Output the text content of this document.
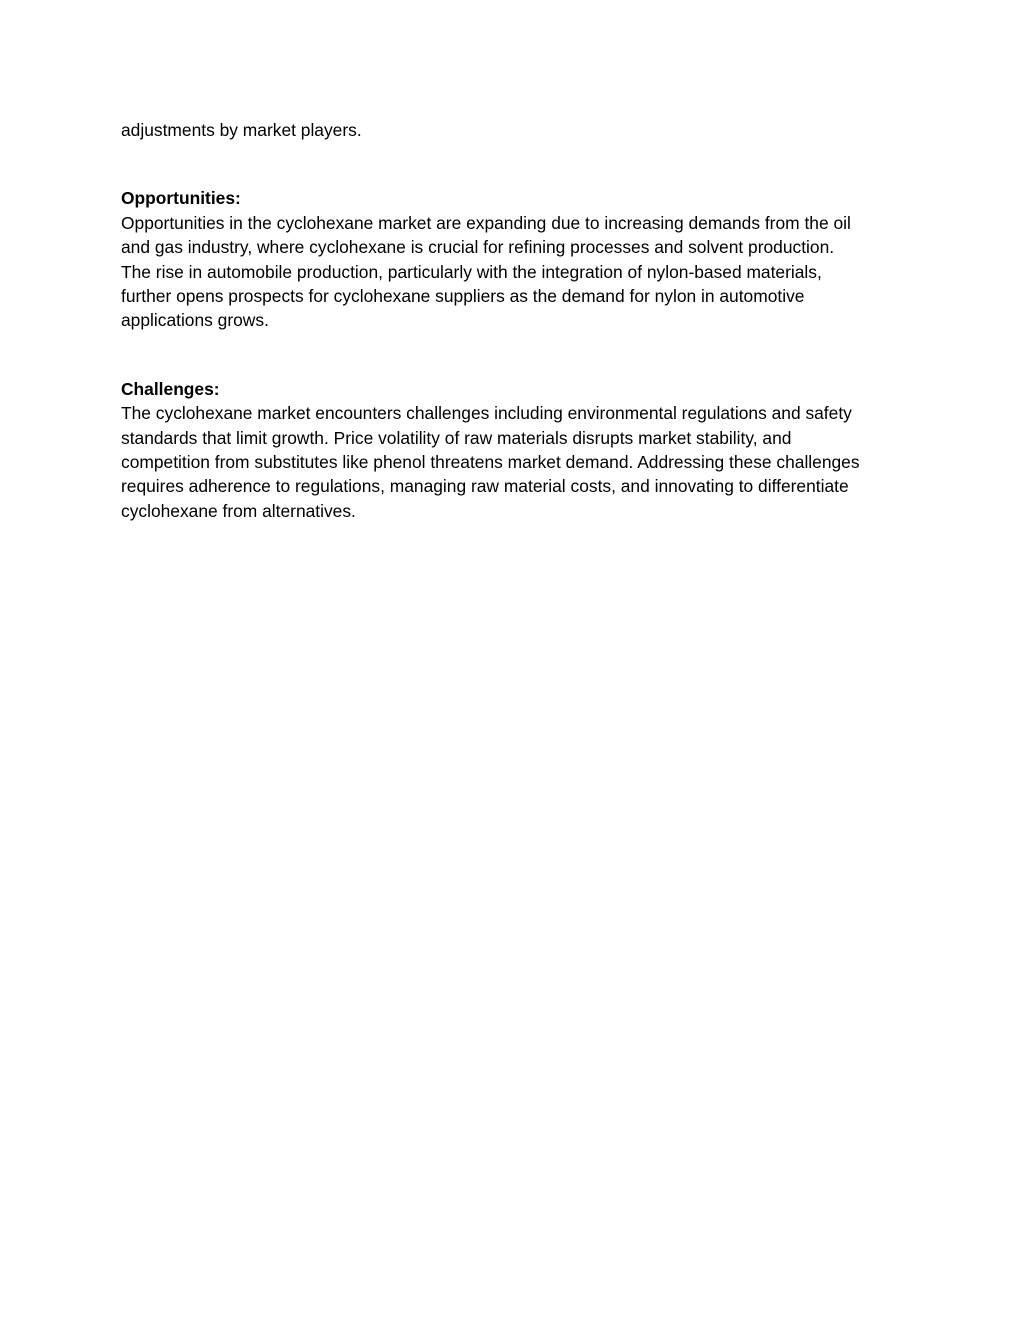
adjustments by market players.
Opportunities:
Opportunities in the cyclohexane market are expanding due to increasing demands from the oil
and gas industry, where cyclohexane is crucial for refining processes and solvent production.
The rise in automobile production, particularly with the integration of nylon-based materials,
further opens prospects for cyclohexane suppliers as the demand for nylon in automotive
applications grows.
Challenges:
The cyclohexane market encounters challenges including environmental regulations and safety
standards that limit growth. Price volatility of raw materials disrupts market stability, and
competition from substitutes like phenol threatens market demand. Addressing these challenges
requires adherence to regulations, managing raw material costs, and innovating to differentiate
cyclohexane from alternatives.
